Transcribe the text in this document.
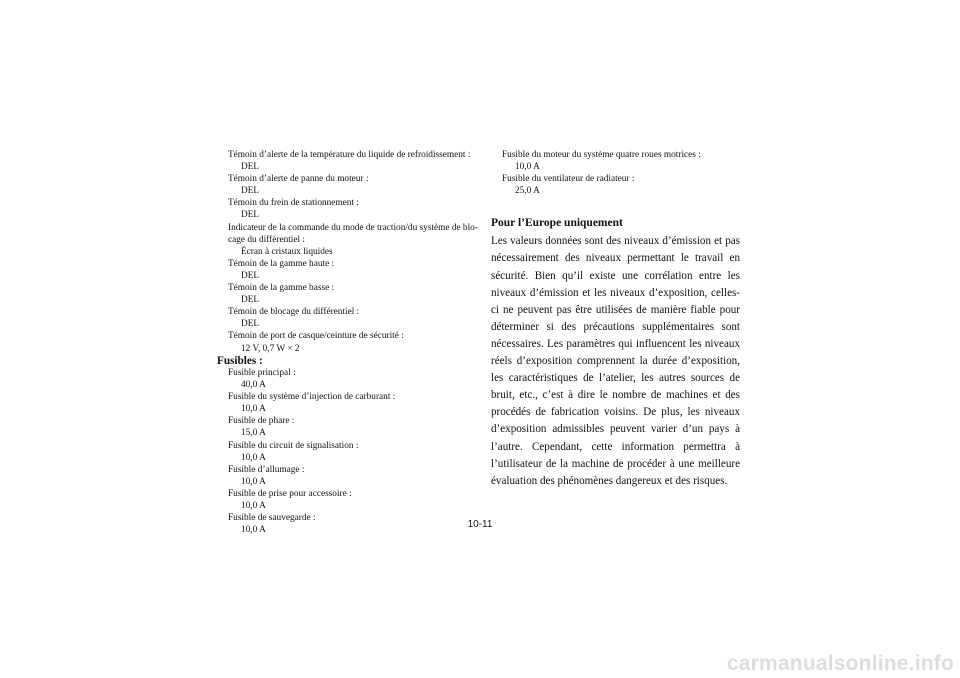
Témoin d’alerte de la température du liquide de refroidissement :
DEL
Témoin d’alerte de panne du moteur :
DEL
Témoin du frein de stationnement :
DEL
Indicateur de la commande du mode de traction/du système de blo-
cage du différentiel :
Écran à cristaux liquides
Témoin de la gamme haute :
DEL
Témoin de la gamme basse :
DEL
Témoin de blocage du différentiel :
DEL
Témoin de port de casque/ceinture de sécurité :
12 V, 0,7 W × 2
Fusibles :
Fusible principal :
40,0 A
Fusible du système d’injection de carburant :
10,0 A
Fusible de phare :
15,0 A
Fusible du circuit de signalisation :
10,0 A
Fusible d’allumage :
10,0 A
Fusible de prise pour accessoire :
10,0 A
Fusible de sauvegarde :
10,0 A
Fusible du moteur du système quatre roues motrices :
10,0 A
Fusible du ventilateur de radiateur :
25,0 A
Pour l’Europe uniquement
Les valeurs données sont des niveaux d’émission et pas nécessairement des niveaux permettant le travail en sécurité. Bien qu’il existe une corrélation entre les niveaux d’émission et les niveaux d’exposition, celles-ci ne peuvent pas être utilisées de manière fiable pour déterminer si des précautions supplémentaires sont nécessaires. Les paramètres qui influencent les niveaux réels d’exposition comprennent la durée d’exposition, les caractéristiques de l’atelier, les autres sources de bruit, etc., c’est à dire le nombre de machines et des procédés de fabrication voisins. De plus, les niveaux d’exposition admissibles peuvent varier d’un pays à l’autre. Cependant, cette information permettra à l’utilisateur de la machine de procéder à une meilleure évaluation des phénomènes dangereux et des risques.
10-11
carmanualsonline.info
